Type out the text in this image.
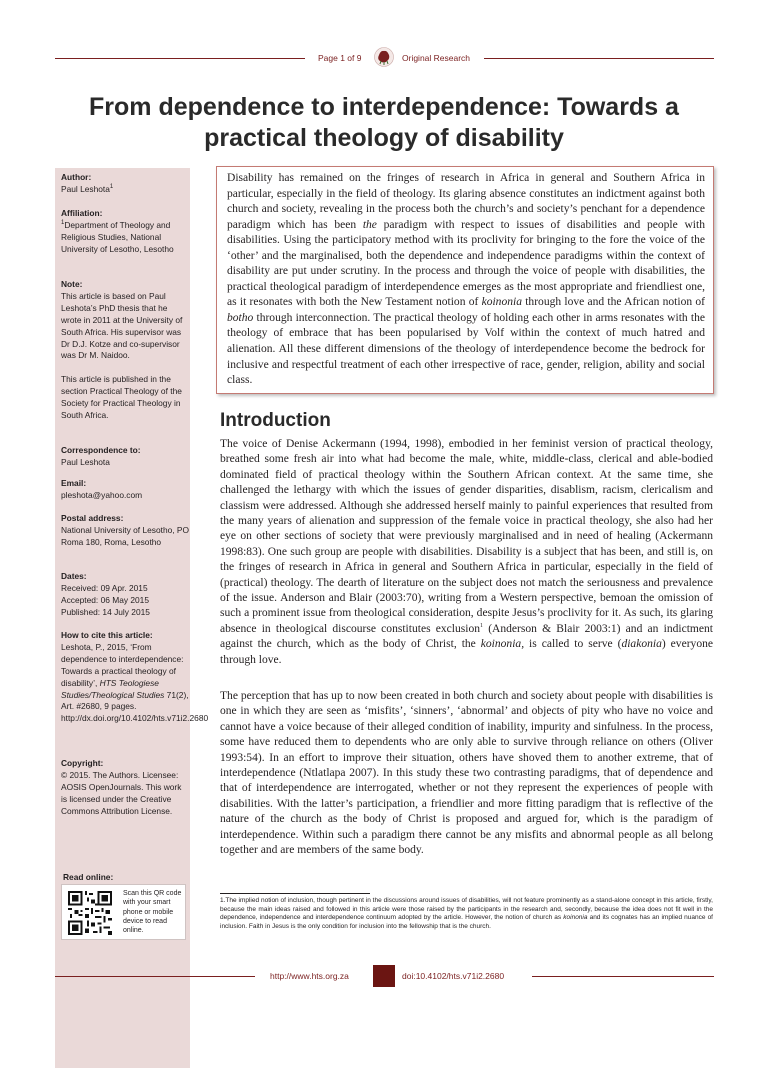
Page 1 of 9	Original Research
From dependence to interdependence: Towards a practical theology of disability
Author:
Paul Leshota$^1$
Affiliation:
$^1$Department of Theology and Religious Studies, National University of Lesotho, Lesotho
Note:
This article is based on Paul Leshota’s PhD thesis that he wrote in 2011 at the University of South Africa. His supervisor was Dr D.J. Kotze and co-supervisor was Dr M. Naidoo.
This article is published in the section Practical Theology of the Society for Practical Theology in South Africa.
Correspondence to:
Paul Leshota
Email:
pleshota@yahoo.com
Postal address:
National University of Lesotho, PO Roma 180, Roma, Lesotho
Dates:
Received: 09 Apr. 2015
Accepted: 06 May 2015
Published: 14 July 2015
How to cite this article:
Leshota, P., 2015, ‘From dependence to interdependence: Towards a practical theology of disability’, HTS Teologiese Studies/Theological Studies 71(2), Art. #2680, 9 pages. http://dx.doi.org/10.4102/hts.v71i2.2680
Copyright:
© 2015. The Authors. Licensee: AOSIS OpenJournals. This work is licensed under the Creative Commons Attribution License.
Read online:
Scan this QR code with your smart phone or mobile device to read online.
Disability has remained on the fringes of research in Africa in general and Southern Africa in particular, especially in the field of theology. Its glaring absence constitutes an indictment against both church and society, revealing in the process both the church’s and society’s penchant for a dependence paradigm which has been the paradigm with respect to issues of disabilities and people with disabilities. Using the participatory method with its proclivity for bringing to the fore the voice of the ‘other’ and the marginalised, both the dependence and independence paradigms within the context of disability are put under scrutiny. In the process and through the voice of people with disabilities, the practical theological paradigm of interdependence emerges as the most appropriate and friendliest one, as it resonates with both the New Testament notion of koinonia through love and the African notion of botho through interconnection. The practical theology of holding each other in arms resonates with the theology of embrace that has been popularised by Volf within the context of much hatred and alienation. All these different dimensions of the theology of interdependence become the bedrock for inclusive and respectful treatment of each other irrespective of race, gender, religion, ability and social class.
Introduction
The voice of Denise Ackermann (1994, 1998), embodied in her feminist version of practical theology, breathed some fresh air into what had become the male, white, middle-class, clerical and able-bodied dominated field of practical theology within the Southern African context. At the same time, she challenged the lethargy with which the issues of gender disparities, disablism, racism, clericalism and classism were addressed. Although she addressed herself mainly to painful experiences that resulted from the many years of alienation and suppression of the female voice in practical theology, she also had her eye on other sections of society that were previously marginalised and in need of healing (Ackermann 1998:83). One such group are people with disabilities. Disability is a subject that has been, and still is, on the fringes of research in Africa in general and Southern Africa in particular, especially in the field of (practical) theology. The dearth of literature on the subject does not match the seriousness and prevalence of the issue. Anderson and Blair (2003:70), writing from a Western perspective, bemoan the omission of such a prominent issue from theological consideration, despite Jesus’s proclivity for it. As such, its glaring absence in theological discourse constitutes exclusion$^1$ (Anderson & Blair 2003:1) and an indictment against the church, which as the body of Christ, the koinonia, is called to serve (diakonia) everyone through love.
The perception that has up to now been created in both church and society about people with disabilities is one in which they are seen as ‘misfits’, ‘sinners’, ‘abnormal’ and objects of pity who have no voice and cannot have a voice because of their alleged condition of inability, impurity and sinfulness. In the process, some have reduced them to dependents who are only able to survive through reliance on others (Oliver 1993:54). In an effort to improve their situation, others have shoved them to another extreme, that of interdependence (Ntlatlapa 2007). In this study these two contrasting paradigms, that of dependence and that of interdependence are interrogated, whether or not they represent the experiences of people with disabilities. With the latter’s participation, a friendlier and more fitting paradigm that is reflective of the nature of the church as the body of Christ is proposed and argued for, which is the paradigm of interdependence. Within such a paradigm there cannot be any misfits and abnormal people as all belong together and are members of the same body.
1.The implied notion of inclusion, though pertinent in the discussions around issues of disabilities, will not feature prominently as a stand-alone concept in this article, firstly, because the main ideas raised and followed in this article were those raised by the participants in the research and, secondly, because the idea does not fit well in the dependence, independence and interdependence continuum adopted by the article. However, the notion of church as koinonia and its cognates has an implied nuance of inclusion. Faith in Jesus is the only condition for inclusion into the fellowship that is the church.
http://www.hts.org.za	doi:10.4102/hts.v71i2.2680
